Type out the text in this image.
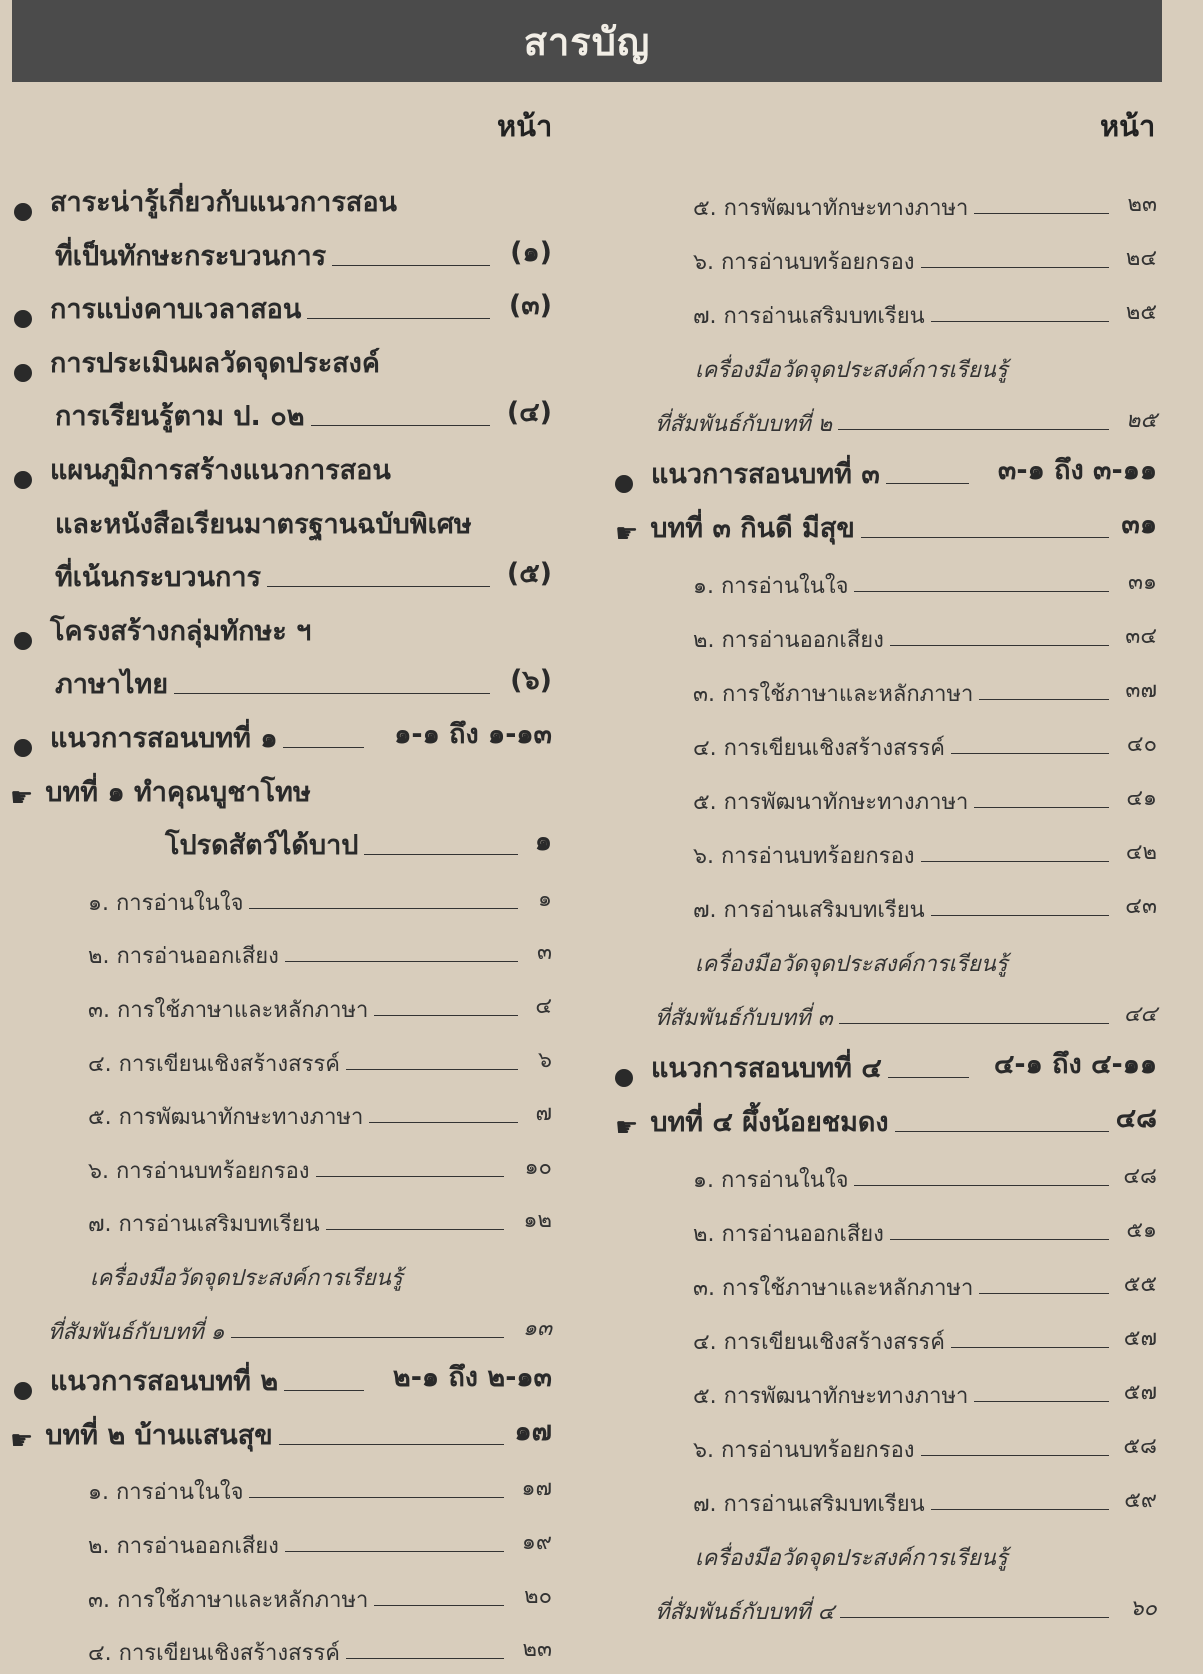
สารบัญ
หน้า	หน้า
สาระน่ารู้เกี่ยวกับแนวการสอน
ที่เป็นทักษะกระบวนการ	(๑)
การแบ่งคาบเวลาสอน	(๓)
การประเมินผลวัดจุดประสงค์
การเรียนรู้ตาม ป. ๐๒	(๔)
แผนภูมิการสร้างแนวการสอน
และหนังสือเรียนมาตรฐานฉบับพิเศษ
ที่เน้นกระบวนการ	(๕)
โครงสร้างกลุ่มทักษะ ฯ
ภาษาไทย	(๖)
แนวการสอนบทที่ ๑	๑-๑ ถึง ๑-๑๓
☛ บทที่ ๑ ทำคุณบูชาโทษ
โปรดสัตว์ได้บาป	๑
๑. การอ่านในใจ	๑
๒. การอ่านออกเสียง	๓
๓. การใช้ภาษาและหลักภาษา	๔
๔. การเขียนเชิงสร้างสรรค์	๖
๕. การพัฒนาทักษะทางภาษา	๗
๖. การอ่านบทร้อยกรอง	๑๐
๗. การอ่านเสริมบทเรียน	๑๒
เครื่องมือวัดจุดประสงค์การเรียนรู้
ที่สัมพันธ์กับบทที่ ๑	๑๓
แนวการสอนบทที่ ๒	๒-๑ ถึง ๒-๑๓
☛ บทที่ ๒ บ้านแสนสุข	๑๗
๑. การอ่านในใจ	๑๗
๒. การอ่านออกเสียง	๑๙
๓. การใช้ภาษาและหลักภาษา	๒๐
๔. การเขียนเชิงสร้างสรรค์	๒๓
๕. การพัฒนาทักษะทางภาษา	๒๓
๖. การอ่านบทร้อยกรอง	๒๔
๗. การอ่านเสริมบทเรียน	๒๕
เครื่องมือวัดจุดประสงค์การเรียนรู้
ที่สัมพันธ์กับบทที่ ๒	๒๕
แนวการสอนบทที่ ๓	๓-๑ ถึง ๓-๑๑
☛ บทที่ ๓ กินดี มีสุข	๓๑
๑. การอ่านในใจ	๓๑
๒. การอ่านออกเสียง	๓๔
๓. การใช้ภาษาและหลักภาษา	๓๗
๔. การเขียนเชิงสร้างสรรค์	๔๐
๕. การพัฒนาทักษะทางภาษา	๔๑
๖. การอ่านบทร้อยกรอง	๔๒
๗. การอ่านเสริมบทเรียน	๔๓
เครื่องมือวัดจุดประสงค์การเรียนรู้
ที่สัมพันธ์กับบทที่ ๓	๔๔
แนวการสอนบทที่ ๔	๔-๑ ถึง ๔-๑๑
☛ บทที่ ๔ ผึ้งน้อยชมดง	๔๘
๑. การอ่านในใจ	๔๘
๒. การอ่านออกเสียง	๕๑
๓. การใช้ภาษาและหลักภาษา	๕๕
๔. การเขียนเชิงสร้างสรรค์	๕๗
๕. การพัฒนาทักษะทางภาษา	๕๗
๖. การอ่านบทร้อยกรอง	๕๘
๗. การอ่านเสริมบทเรียน	๕๙
เครื่องมือวัดจุดประสงค์การเรียนรู้
ที่สัมพันธ์กับบทที่ ๔	๖๐
